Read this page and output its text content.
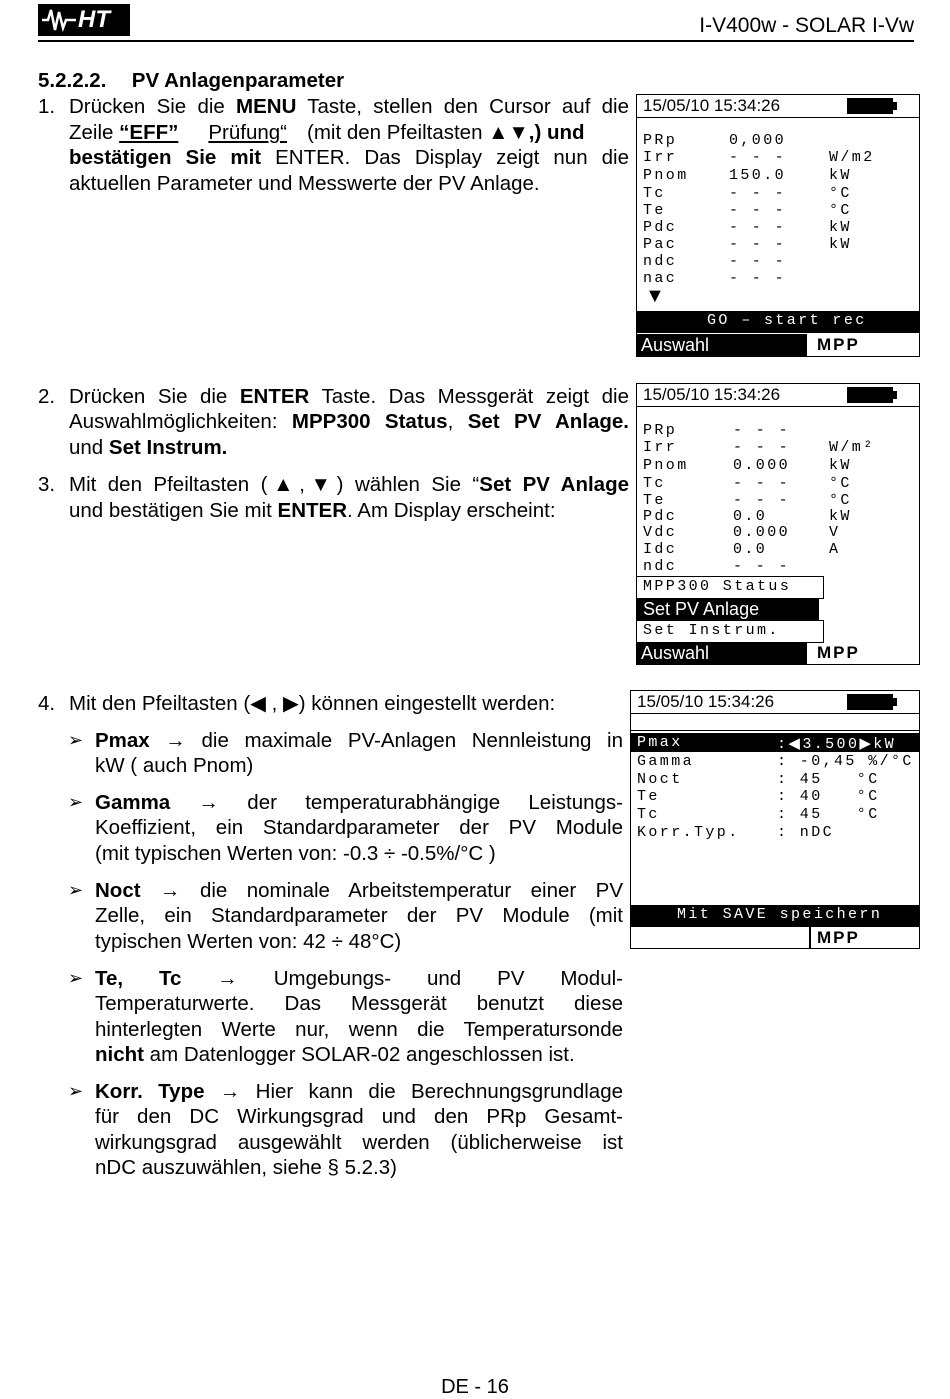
HT	I-V400w - SOLAR I-Vw
5.2.2.2. PV Anlagenparameter
1. Drücken Sie die MENU Taste, stellen den Cursor auf die
Zeile “EFF” Prüfung“ (mit den Pfeiltasten ▲▼,) und
bestätigen Sie mit ENTER. Das Display zeigt nun die
aktuellen Parameter und Messwerte der PV Anlage.
15/05/10 15:34:26
PRp	0,000
Irr	- - -	W/m2
Pnom	150.0	kW
Tc	- - -	°C
Te	- - -	°C
Pdc	- - -	kW
Pac	- - -	kW
ndc	- - -
nac	- - -
▼
GO – start rec
Auswahl	MPP
2. Drücken Sie die ENTER Taste. Das Messgerät zeigt die
Auswahlmöglichkeiten: MPP300 Status, Set PV Anlage.
und Set Instrum.
3. Mit den Pfeiltasten (▲,▼) wählen Sie “Set PV Anlage
und bestätigen Sie mit ENTER. Am Display erscheint:
15/05/10 15:34:26
PRp	- - -
Irr	- - -	W/m²
Pnom	0.000	kW
Tc	- - -	°C
Te	- - -	°C
Pdc	0.0	kW
Vdc	0.000	V
Idc	0.0	A
ndc	- - -
MPP300 Status
Set PV Anlage
Set Instrum.
Auswahl	MPP
4. Mit den Pfeiltasten (◀ , ▶) können eingestellt werden:
➢ Pmax → die maximale PV-Anlagen Nennleistung in
kW ( auch Pnom)
➢ Gamma → der temperaturabhängige Leistungs-
Koeffizient, ein Standardparameter der PV Module
(mit typischen Werten von: -0.3 ÷ -0.5%/°C )
➢ Noct → die nominale Arbeitstemperatur einer PV
Zelle, ein Standardparameter der PV Module (mit
typischen Werten von: 42 ÷ 48°C)
➢ Te, Tc → Umgebungs- und PV Modul-
Temperaturwerte. Das Messgerät benutzt diese
hinterlegten Werte nur, wenn die Temperatursonde
nicht am Datenlogger SOLAR-02 angeschlossen ist.
➢ Korr. Type → Hier kann die Berechnungsgrundlage
für den DC Wirkungsgrad und den PRp Gesamt-
wirkungsgrad ausgewählt werden (üblicherweise ist
nDC auszuwählen, siehe § 5.2.3)
15/05/10 15:34:26
Pmax	:◀3.500▶kW
Gamma	: -0,45 %/°C
Noct	: 45   °C
Te	: 40   °C
Tc	: 45   °C
Korr.Typ. : nDC
Mit SAVE speichern
MPP
DE - 16
